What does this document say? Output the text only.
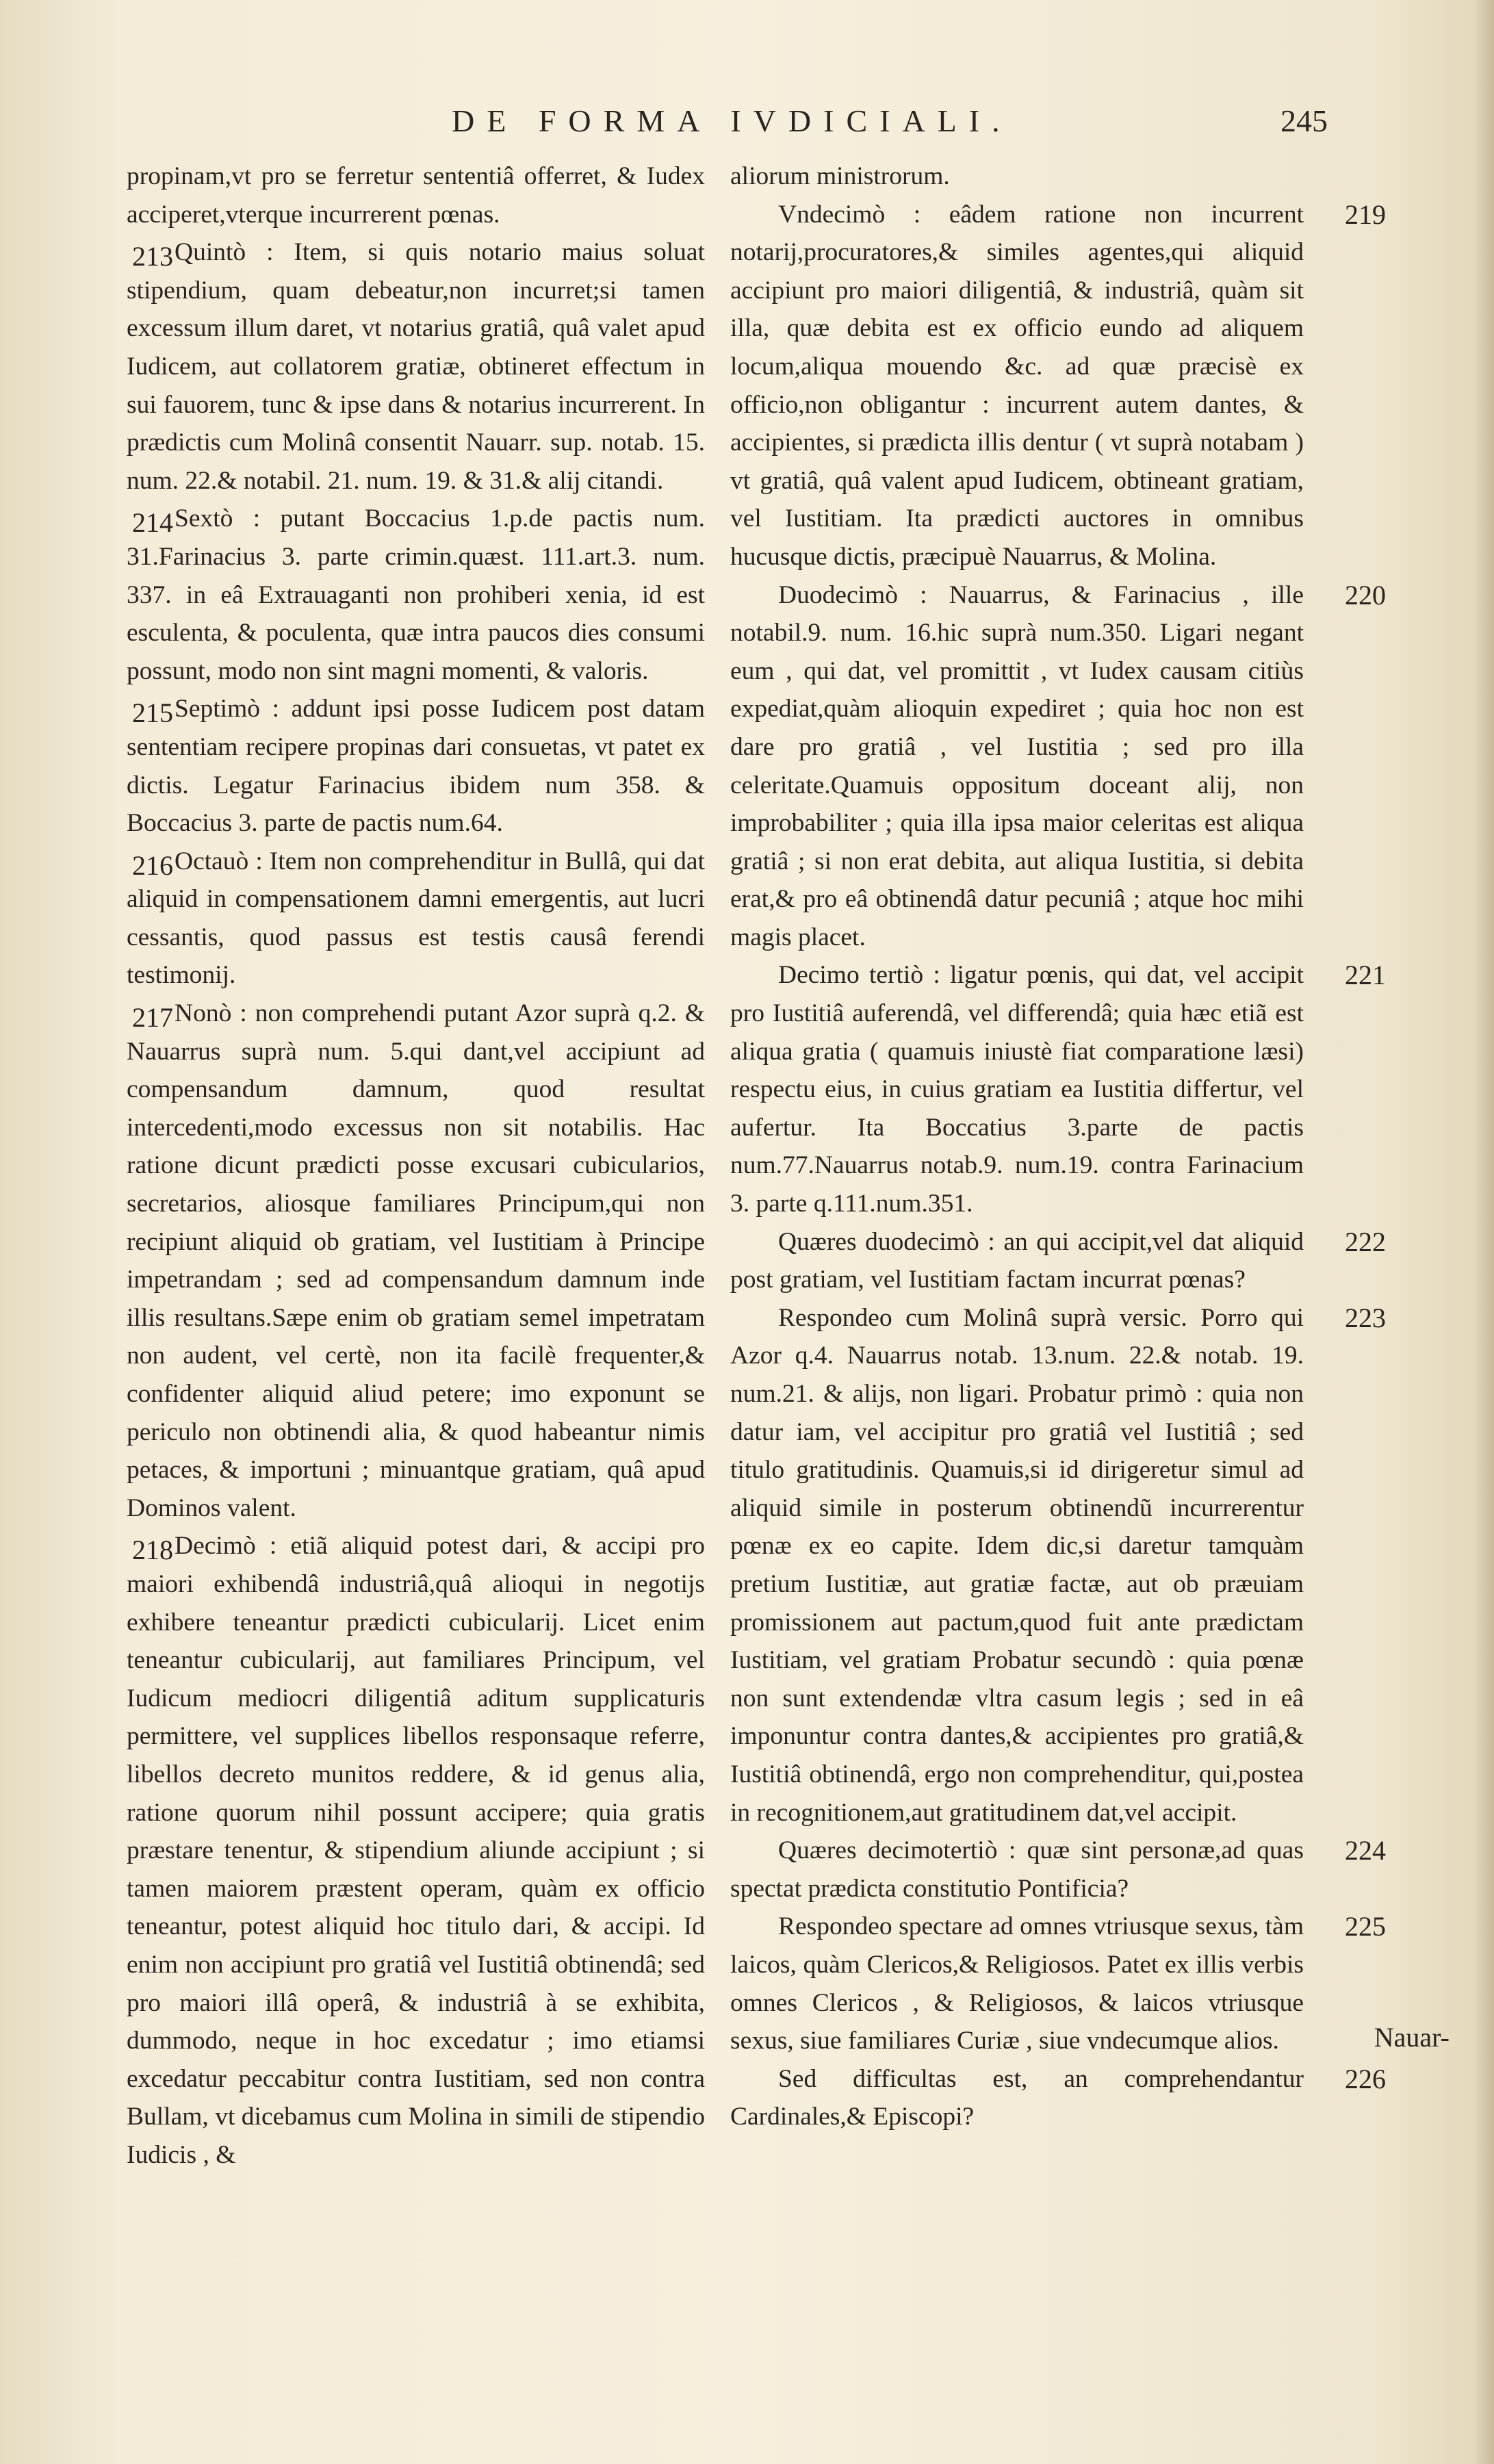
DE FORMA IVDICIALI.	245

propinam,vt pro se ferretur sententiâ offerret, & Iudex acciperet,vterque incurrerent pœnas.

213 Quintò : Item, si quis notario maius soluat stipendium, quam debeatur,non incurret;si tamen excessum illum daret, vt notarius gratiâ, quâ valet apud Iudicem, aut collatorem gratiæ, obtineret effectum in sui fauorem, tunc & ipse dans & notarius incurrerent. In prædictis cum Molinâ consentit Nauarr. sup. notab. 15. num. 22.& notabil. 21. num. 19. & 31.& alij citandi.

214 Sextò : putant Boccacius 1.p.de pactis num. 31.Farinacius 3. parte crimin.quæst. 111.art.3. num. 337. in eâ Extrauaganti non prohiberi xenia, id est esculenta, & poculenta, quæ intra paucos dies consumi possunt, modo non sint magni momenti, & valoris.

215 Septimò : addunt ipsi posse Iudicem post datam sententiam recipere propinas dari consuetas, vt patet ex dictis. Legatur Farinacius ibidem num 358. & Boccacius 3. parte de pactis num.64.

216 Octauò : Item non comprehenditur in Bullâ, qui dat aliquid in compensationem damni emergentis, aut lucri cessantis, quod passus est testis causâ ferendi testimonij.

217 Nonò : non comprehendi putant Azor suprà q.2. & Nauarrus suprà num. 5.qui dant,vel accipiunt ad compensandum damnum, quod resultat intercedenti,modo excessus non sit notabilis. Hac ratione dicunt prædicti posse excusari cubicularios, secretarios, aliosque familiares Principum,qui non recipiunt aliquid ob gratiam, vel Iustitiam à Principe impetrandam ; sed ad compensandum damnum inde illis resultans.Sæpe enim ob gratiam semel impetratam non audent, vel certè, non ita facilè frequenter,& confidenter aliquid aliud petere; imo exponunt se periculo non obtinendi alia, & quod habeantur nimis petaces, & importuni ; minuantque gratiam, quâ apud Dominos valent.

218 Decimò : etiã aliquid potest dari, & accipi pro maiori exhibendâ industriâ,quâ alioqui in negotijs exhibere teneantur prædicti cubicularij. Licet enim teneantur cubicularij, aut familiares Principum, vel Iudicum mediocri diligentiâ aditum supplicaturis permittere, vel supplices libellos responsaque referre, libellos decreto munitos reddere, & id genus alia, ratione quorum nihil possunt accipere; quia gratis præstare tenentur, & stipendium aliunde accipiunt ; si tamen maiorem præstent operam, quàm ex officio teneantur, potest aliquid hoc titulo dari, & accipi. Id enim non accipiunt pro gratiâ vel Iustitiâ obtinendâ; sed pro maiori illâ operâ, & industriâ à se exhibita, dummodo, neque in hoc excedatur ; imo etiamsi excedatur peccabitur contra Iustitiam, sed non contra Bullam, vt dicebamus cum Molina in simili de stipendio Iudicis , &

aliorum ministrorum.

219
Vndecimò : eâdem ratione non incurrent notarij,procuratores,& similes agentes,qui aliquid accipiunt pro maiori diligentiâ, & industriâ, quàm sit illa, quæ debita est ex officio eundo ad aliquem locum,aliqua mouendo &c. ad quæ præcisè ex officio,non obligantur : incurrent autem dantes, & accipientes, si prædicta illis dentur ( vt suprà notabam ) vt gratiâ, quâ valent apud Iudicem, obtineant gratiam, vel Iustitiam. Ita prædicti auctores in omnibus hucusque dictis, præcipuè Nauarrus, & Molina.

220
Duodecimò : Nauarrus, & Farinacius , ille notabil.9. num. 16.hic suprà num.350. Ligari negant eum , qui dat, vel promittit , vt Iudex causam citiùs expediat,quàm alioquin expediret ; quia hoc non est dare pro gratiâ , vel Iustitia ; sed pro illa celeritate.Quamuis oppositum doceant alij, non improbabiliter ; quia illa ipsa maior celeritas est aliqua gratiâ ; si non erat debita, aut aliqua Iustitia, si debita erat,& pro eâ obtinendâ datur pecuniâ ; atque hoc mihi magis placet.

221
Decimo tertiò : ligatur pœnis, qui dat, vel accipit pro Iustitiâ auferendâ, vel differendâ; quia hæc etiã est aliqua gratia ( quamuis iniustè fiat comparatione læsi) respectu eius, in cuius gratiam ea Iustitia differtur, vel aufertur. Ita Boccatius 3.parte de pactis num.77.Nauarrus notab.9. num.19. contra Farinacium 3. parte q.111.num.351.

222
Quæres duodecimò : an qui accipit,vel dat aliquid post gratiam, vel Iustitiam factam incurrat pœnas?

223
Respondeo cum Molinâ suprà versic. Porro qui Azor q.4. Nauarrus notab. 13.num. 22.& notab. 19. num.21. & alijs, non ligari. Probatur primò : quia non datur iam, vel accipitur pro gratiâ vel Iustitiâ ; sed titulo gratitudinis. Quamuis,si id dirigeretur simul ad aliquid simile in posterum obtinendũ incurrerentur pœnæ ex eo capite. Idem dic,si daretur tamquàm pretium Iustitiæ, aut gratiæ factæ, aut ob præuiam promissionem aut pactum,quod fuit ante prædictam Iustitiam, vel gratiam Probatur secundò : quia pœnæ non sunt extendendæ vltra casum legis ; sed in eâ imponuntur contra dantes,& accipientes pro gratiâ,& Iustitiâ obtinendâ, ergo non comprehenditur, qui,postea in recognitionem,aut gratitudinem dat,vel accipit.

224
Quæres decimotertiò : quæ sint personæ,ad quas spectat prædicta constitutio Pontificia?

225
Respondeo spectare ad omnes vtriusque sexus, tàm laicos, quàm Clericos,& Religiosos. Patet ex illis verbis omnes Clericos , & Religiosos, & laicos vtriusque sexus, siue familiares Curiæ , siue vndecumque alios.

226
Sed difficultas est, an comprehendantur Cardinales,& Episcopi?

Nauar-
